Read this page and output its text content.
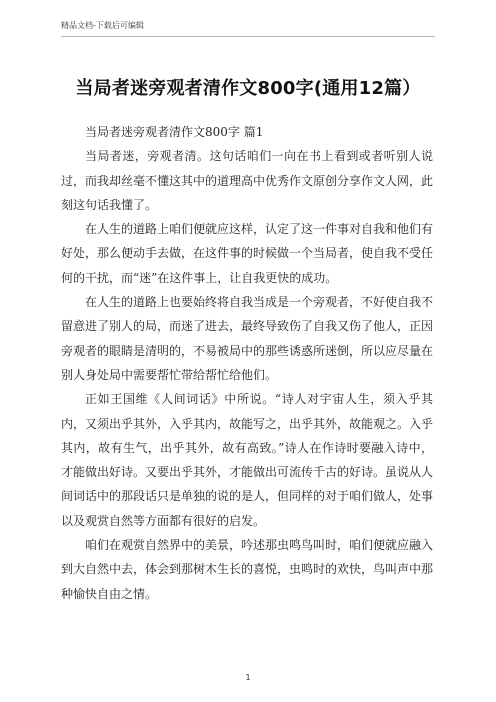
精品文档-下载后可编辑
当局者迷旁观者清作文800字(通用12篇）

当局者迷旁观者清作文800字 篇1

当局者迷，旁观者清。这句话咱们一向在书上看到或者听别人说过，而我却丝毫不懂这其中的道理高中优秀作文原创分享作文人网，此刻这句话我懂了。

在人生的道路上咱们便就应这样，认定了这一件事对自我和他们有好处，那么便动手去做，在这件事的时候做一个当局者，使自我不受任何的干扰，而“迷”在这件事上，让自我更快的成功。

在人生的道路上也要始终将自我当成是一个旁观者，不好使自我不留意进了别人的局，而迷了进去，最终导致伤了自我又伤了他人，正因旁观者的眼睛是清明的，不易被局中的那些诱惑所迷倒，所以应尽量在别人身处局中需要帮忙带给帮忙给他们。

正如王国维《人间词话》中所说。“诗人对宇宙人生，须入乎其内，又须出乎其外，入乎其内，故能写之，出乎其外，故能观之。入乎其内，故有生气，出乎其外，故有高致。”诗人在作诗时要融入诗中，才能做出好诗。又要出乎其外，才能做出可流传千古的好诗。虽说从人间词话中的那段话只是单独的说的是人，但同样的对于咱们做人，处事以及观赏自然等方面都有很好的启发。

咱们在观赏自然界中的美景，吟述那虫鸣鸟叫时，咱们便就应融入到大自然中去，体会到那树木生长的喜悦，虫鸣时的欢快，鸟叫声中那种愉快自由之情。

1
